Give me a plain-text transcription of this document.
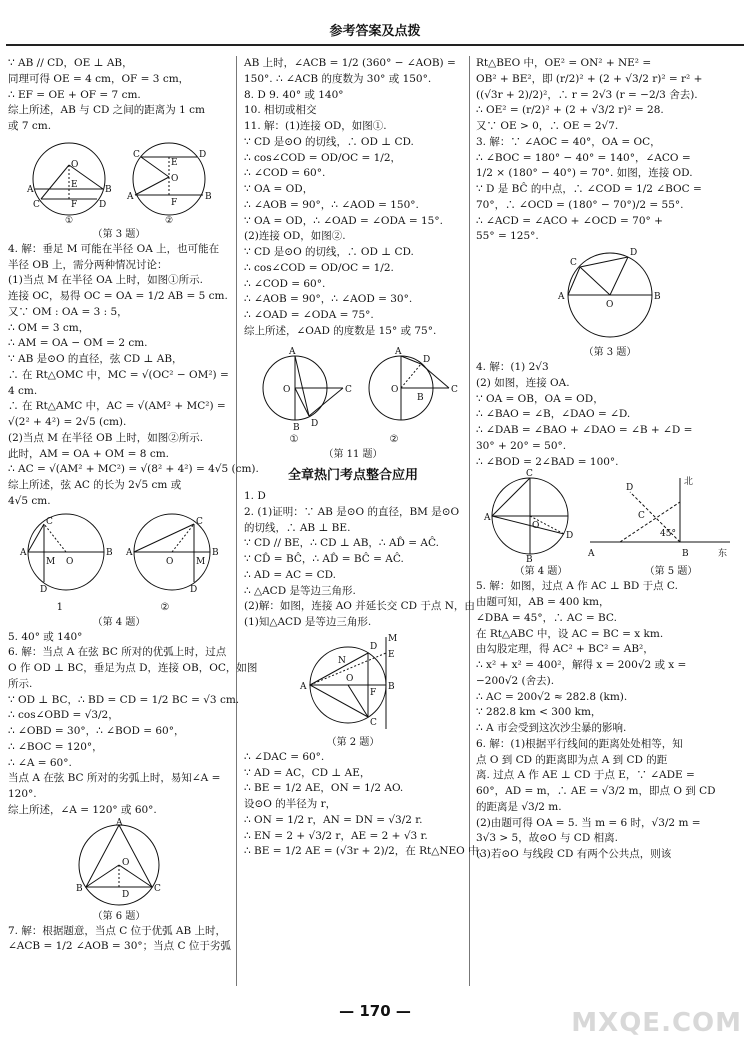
参考答案及点拨
∵ AB // CD，OE ⊥ AB，
同理可得 OE = 4 cm，OF = 3 cm，
∴ EF = OE + OF = 7 cm.
综上所述，AB 与 CD 之间的距离为 1 cm
或 7 cm.
O
A	B
C	D
E
F
C	D
E
O
A	B
F
①	②
（第 3 题）
4. 解：垂足 M 可能在半径 OA 上，也可能在
半径 OB 上，需分两种情况讨论：
(1)当点 M 在半径 OA 上时，如图①所示.
连接 OC，易得 OC = OA = 1/2 AB = 5 cm.
又∵ OM : OA = 3 : 5，
∴ OM = 3 cm，
∴ AM = OA − OM = 2 cm.
∵ AB 是⊙O 的直径，弦 CD ⊥ AB，
∴ 在 Rt△OMC 中，MC = √(OC² − OM²) =
4 cm.
∴ 在 Rt△AMC 中，AC = √(AM² + MC²) =
√(2² + 4²) = 2√5 (cm).
(2)当点 M 在半径 OB 上时，如图②所示.
此时，AM = OA + OM = 8 cm.
∴ AC = √(AM² + MC²) = √(8² + 4²) = 4√5 (cm).
综上所述，弦 AC 的长为 2√5 cm 或
4√5 cm.
A	B
C
D
M O
A	B
C
D
M
O
1	②
（第 4 题）
5. 40° 或 140°
6. 解：当点 A 在弦 BC 所对的优弧上时，过点
O 作 OD ⊥ BC，垂足为点 D，连接 OB，OC，如图
所示.
∵ OD ⊥ BC，∴ BD = CD = 1/2 BC = √3 cm.
∴ cos∠OBD = √3/2，
∴ ∠OBD = 30°，∴ ∠BOD = 60°，
∴ ∠BOC = 120°，
∴ ∠A = 60°.
当点 A 在弦 BC 所对的劣弧上时，易知∠A =
120°.
综上所述，∠A = 120° 或 60°.
A
B	C
O
D
（第 6 题）
7. 解：根据题意，当点 C 位于优弧 AB 上时，
∠ACB = 1/2 ∠AOB = 30°；当点 C 位于劣弧
AB 上时，∠ACB = 1/2 (360° − ∠AOB) =
150°. ∴ ∠ACB 的度数为 30° 或 150°.
8. D 9. 40° 或 140°
10. 相切或相交
11. 解：(1)连接 OD，如图①.
∵ CD 是⊙O 的切线，∴ OD ⊥ CD.
∴ cos∠COD = OD/OC = 1/2，
∴ ∠COD = 60°.
∵ OA = OD，
∴ ∠AOB = 90°，∴ ∠AOD = 150°.
∵ OA = OD，∴ ∠OAD = ∠ODA = 15°.
(2)连接 OD，如图②.
∵ CD 是⊙O 的切线，∴ OD ⊥ CD.
∴ cos∠COD = OD/OC = 1/2.
∴ ∠COD = 60°.
∴ ∠AOB = 90°，∴ ∠AOD = 30°.
∴ ∠OAD = ∠ODA = 75°.
综上所述，∠OAD 的度数是 15° 或 75°.
A
O	C
B D
A
D
O
B
C
①	②
（第 11 题）
全章热门考点整合应用
1. D
2. (1)证明：∵ AB 是⊙O 的直径，BM 是⊙O
的切线，∴ AB ⊥ BE.
∵ CD // BE，∴ CD ⊥ AB，∴ AD̂ = AĈ.
∵ CD̂ = BĈ，∴ AD̂ = BĈ = AĈ.
∴ AD = AC = CD.
∴ △ACD 是等边三角形.
(2)解：如图，连接 AO 并延长交 CD 于点 N，由
(1)知△ACD 是等边三角形.
M
A
O
D
C
B
E
F
N
（第 2 题）
∴ ∠DAC = 60°.
∵ AD = AC，CD ⊥ AE，
∴ BE = 1/2 AE，ON = 1/2 AO.
设⊙O 的半径为 r，
∴ ON = 1/2 r，AN = DN = √3/2 r.
∴ EN = 2 + √3/2 r，AE = 2 + √3 r.
∴ BE = 1/2 AE = (√3r + 2)/2，在 Rt△NEO 中，
Rt△BEO 中，OE² = ON² + NE² =
OB² + BE²，即 (r/2)² + (2 + √3/2 r)² = r² +
((√3r + 2)/2)²，∴ r = 2√3 (r = −2/3 舍去).
∴ OE² = (r/2)² + (2 + √3/2 r)² = 28.
又∵ OE > 0，∴ OE = 2√7.
3. 解：∵ ∠AOC = 40°，OA = OC，
∴ ∠BOC = 180° − 40° = 140°，∠ACO =
1/2 × (180° − 40°) = 70°. 如图，连接 OD.
∵ D 是 BĈ 的中点，∴ ∠COD = 1/2 ∠BOC =
70°，∴ ∠OCD = (180° − 70°)/2 = 55°.
∴ ∠ACD = ∠ACO + ∠OCD = 70° +
55° = 125°.
C
D
A	B
O
（第 3 题）
4. 解：(1) 2√3
(2) 如图，连接 OA.
∵ OA = OB，OA = OD，
∴ ∠BAO = ∠B，∠DAO = ∠D.
∴ ∠DAB = ∠BAO + ∠DAO = ∠B + ∠D =
30° + 20° = 50°.
∴ ∠BOD = 2∠BAD = 100°.
A
C
O
D
B
北
东
45°
A	B
D
C
（第 4 题）	（第 5 题）
5. 解：如图，过点 A 作 AC ⊥ BD 于点 C.
由题可知，AB = 400 km，
∠DBA = 45°，∴ AC = BC.
在 Rt△ABC 中，设 AC = BC = x km.
由勾股定理，得 AC² + BC² = AB²，
∴ x² + x² = 400²，解得 x = 200√2 或 x =
−200√2 (舍去).
∴ AC = 200√2 ≈ 282.8 (km).
∵ 282.8 km < 300 km，
∴ A 市会受到这次沙尘暴的影响.
6. 解：(1)根据平行线间的距离处处相等，知
点 O 到 CD 的距离即为点 A 到 CD 的距
离. 过点 A 作 AE ⊥ CD 于点 E，∵ ∠ADE =
60°，AD = m，∴ AE = √3/2 m，即点 O 到 CD
的距离是 √3/2 m.
(2)由题可得 OA = 5. 当 m = 6 时，√3/2 m =
3√3 > 5，故⊙O 与 CD 相离.
(3)若⊙O 与线段 CD 有两个公共点，则该
— 170 —	MXQE.COM
